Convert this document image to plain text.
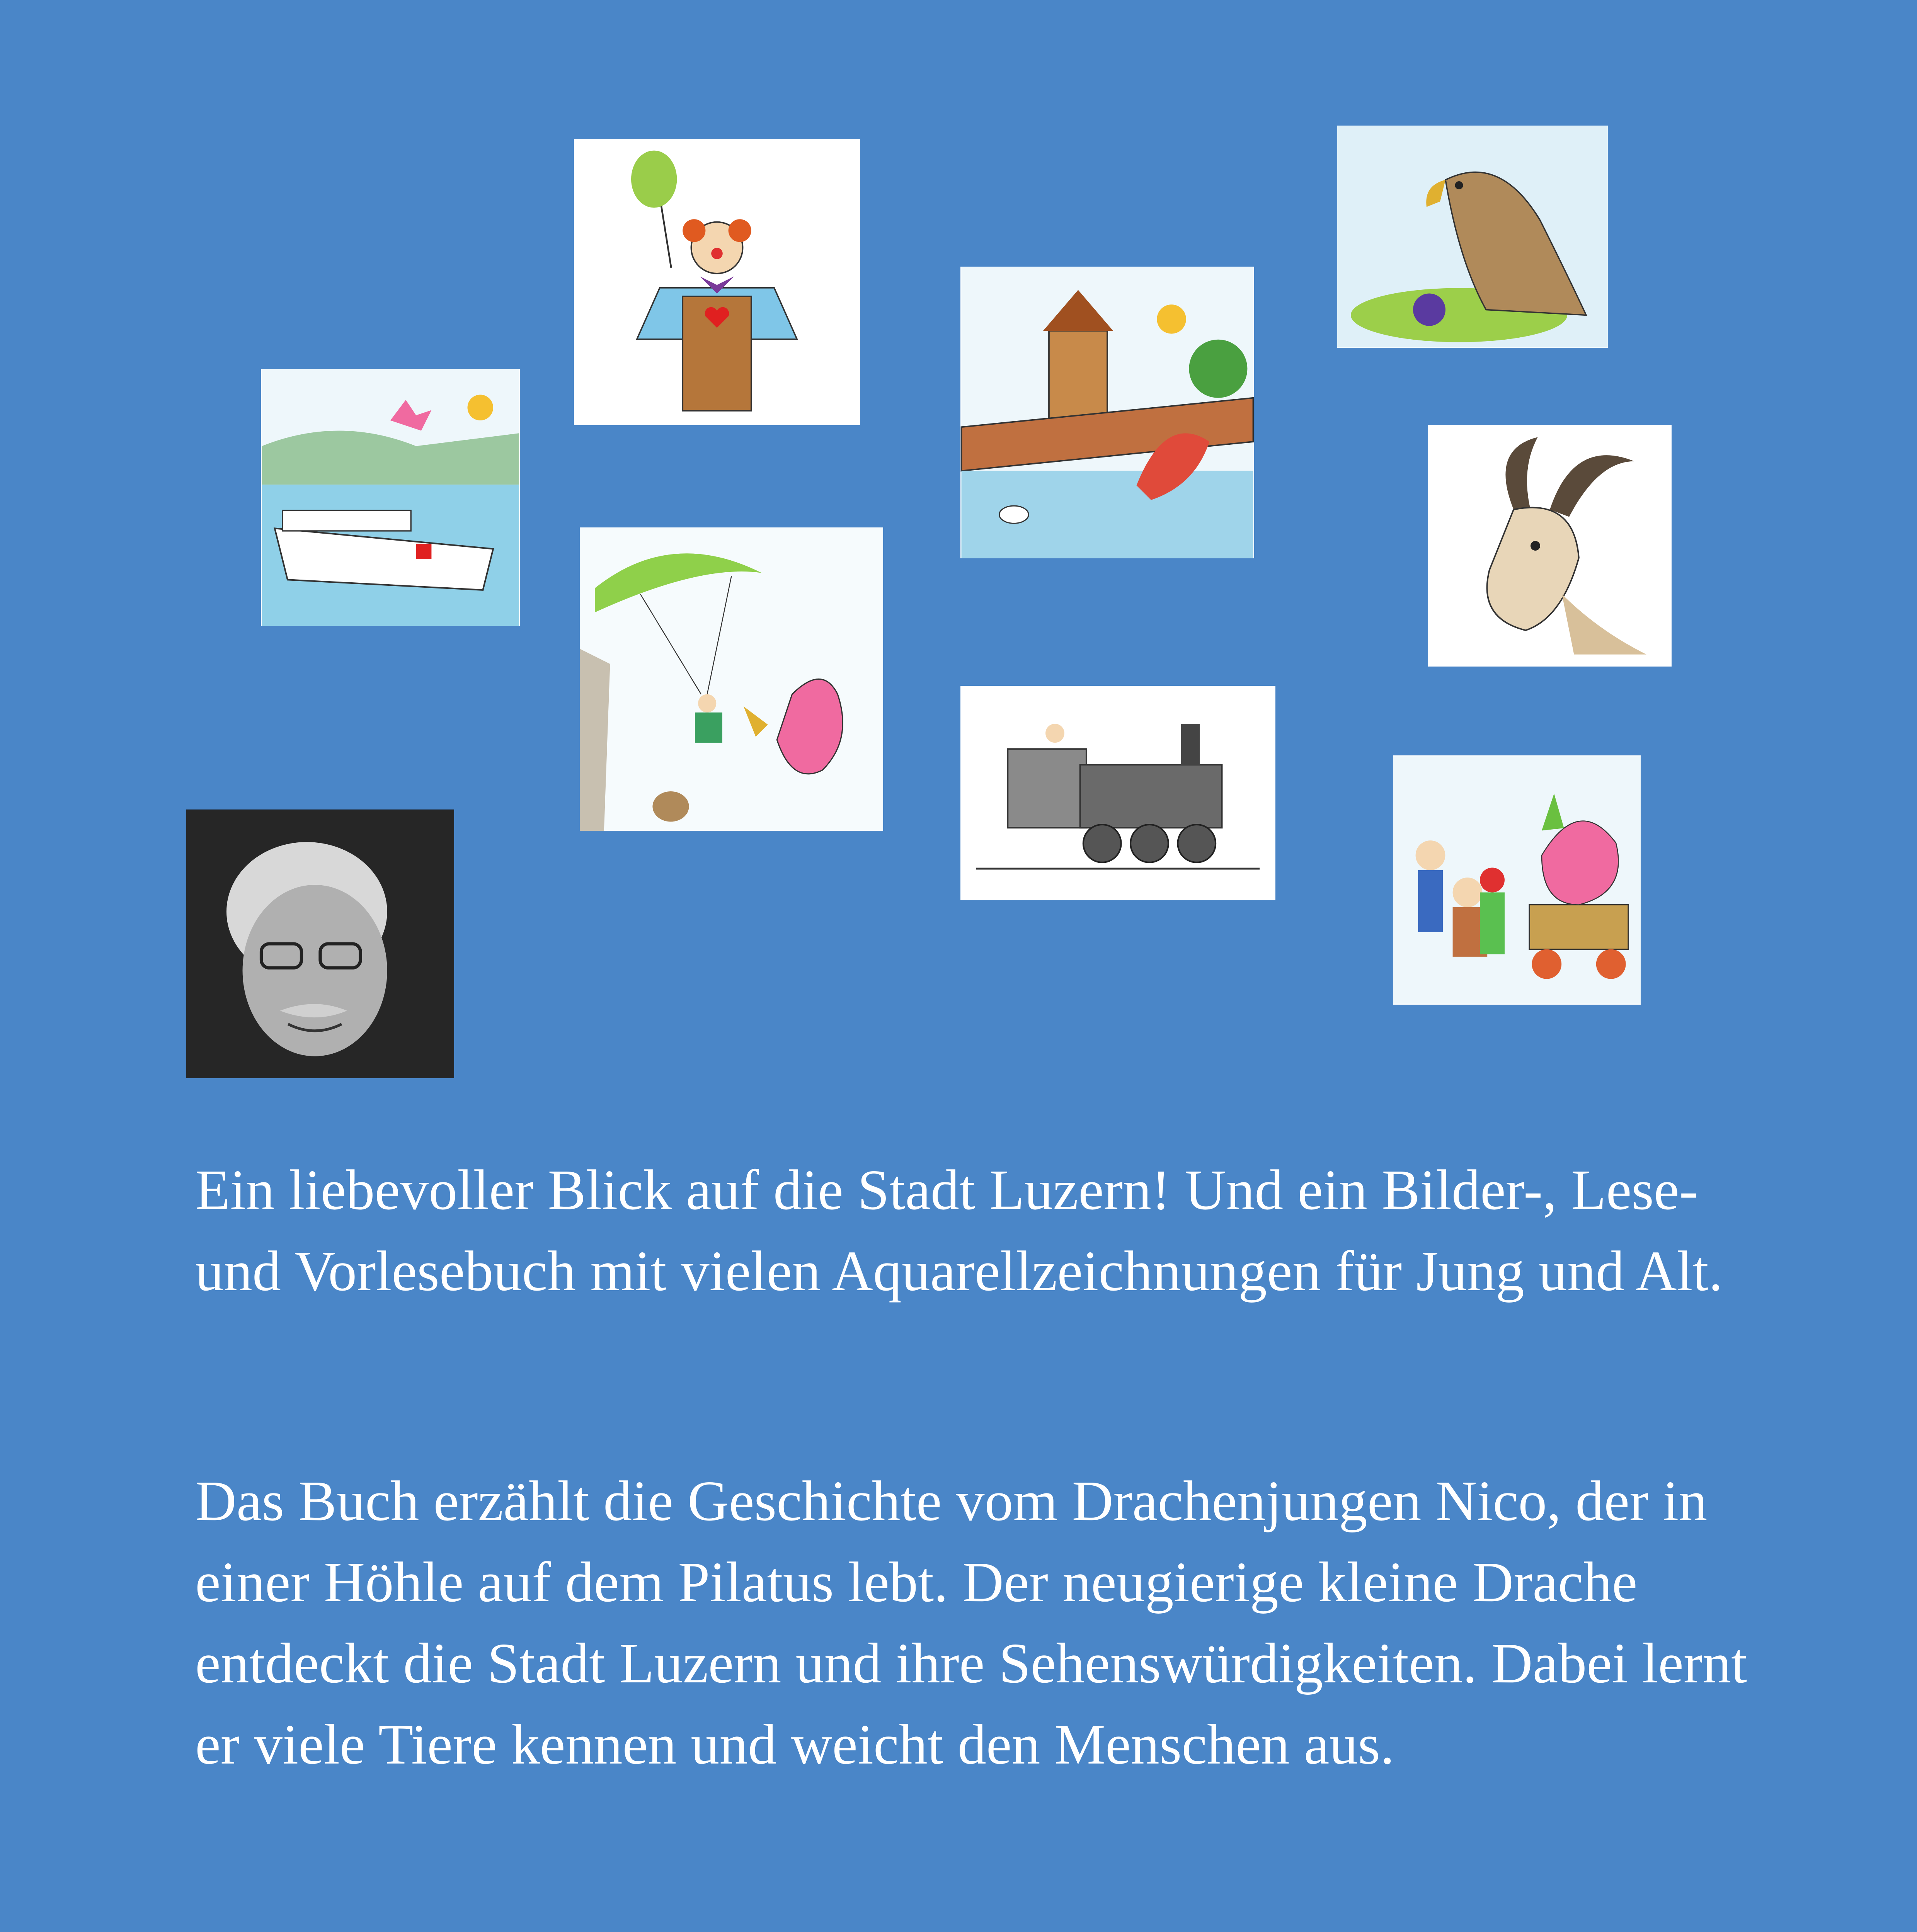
Ein liebevoller Blick auf die Stadt Luzern! Und ein Bilder-, Lese- und Vorlesebuch mit vielen Aquarellzeichnungen für Jung und Alt.

Das Buch erzählt die Geschichte vom Drachenjungen Nico, der in einer Höhle auf dem Pilatus lebt. Der neugierige kleine Drache entdeckt die Stadt Luzern und ihre Sehenswürdigkeiten. Dabei lernt er viele Tiere kennen und weicht den Menschen aus.
